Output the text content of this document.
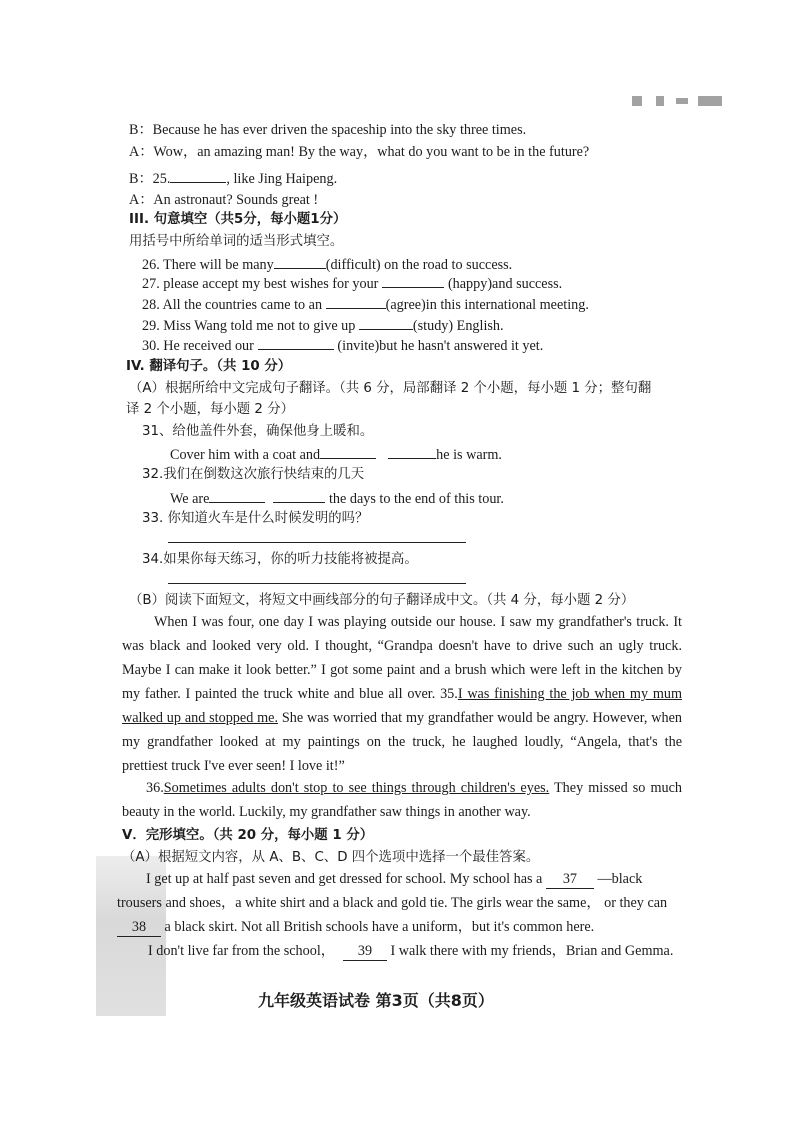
B：Because he has ever driven the spaceship into the sky three times.
A：Wow，an amazing man! By the way，what do you want to be in the future?
B：25.	, like Jing Haipeng.
A：An astronaut? Sounds great !
III. 句意填空（共5分，每小题1分）
用括号中所给单词的适当形式填空。
26. There will be many	(difficult) on the road to success.
27. please accept my best wishes for your	(happy)and success.
28. All the countries came to an	(agree)in this international meeting.
29. Miss Wang told me not to give up	(study) English.
30. He received our	(invite)but he hasn't answered it yet.
IV. 翻译句子。（共 10 分）
（A）根据所给中文完成句子翻译。（共 6 分，局部翻译 2 个小题，每小题 1 分；整句翻
译 2 个小题，每小题 2 分）
31、给他盖件外套，确保他身上暖和。
Cover him with a coat and	he is warm.
32.我们在倒数这次旅行快结束的几天
We are	the days to the end of this tour.
33. 你知道火车是什么时候发明的吗？
34.如果你每天练习，你的听力技能将被提高。
（B）阅读下面短文，将短文中画线部分的句子翻译成中文。（共 4 分，每小题 2 分）
When I was four, one day I was playing outside our house. I saw my grandfather's truck. It was black and looked very old. I thought, “Grandpa doesn't have to drive such an ugly truck. Maybe I can make it look better.” I got some paint and a brush which were left in the kitchen by my father. I painted the truck white and blue all over. 35.I was finishing the job when my mum walked up and stopped me. She was worried that my grandfather would be angry. However, when my grandfather looked at my paintings on the truck, he laughed loudly, “Angela, that's the prettiest truck I've ever seen! I love it!”
36.Sometimes adults don't stop to see things through children's eyes. They missed so much beauty in the world. Luckily, my grandfather saw things in another way.
V．完形填空。（共 20 分，每小题 1 分）
（A）根据短文内容，从 A、B、C、D 四个选项中选择一个最佳答案。
I get up at half past seven and get dressed for school. My school has a 37 —black
trousers and shoes，a white shirt and a black and gold tie. The girls wear the same， or they can
38 a black skirt. Not all British schools have a uniform，but it's common here.
I don't live far from the school， 39 I walk there with my friends，Brian and Gemma.
九年级英语试卷 第3页（共8页）
